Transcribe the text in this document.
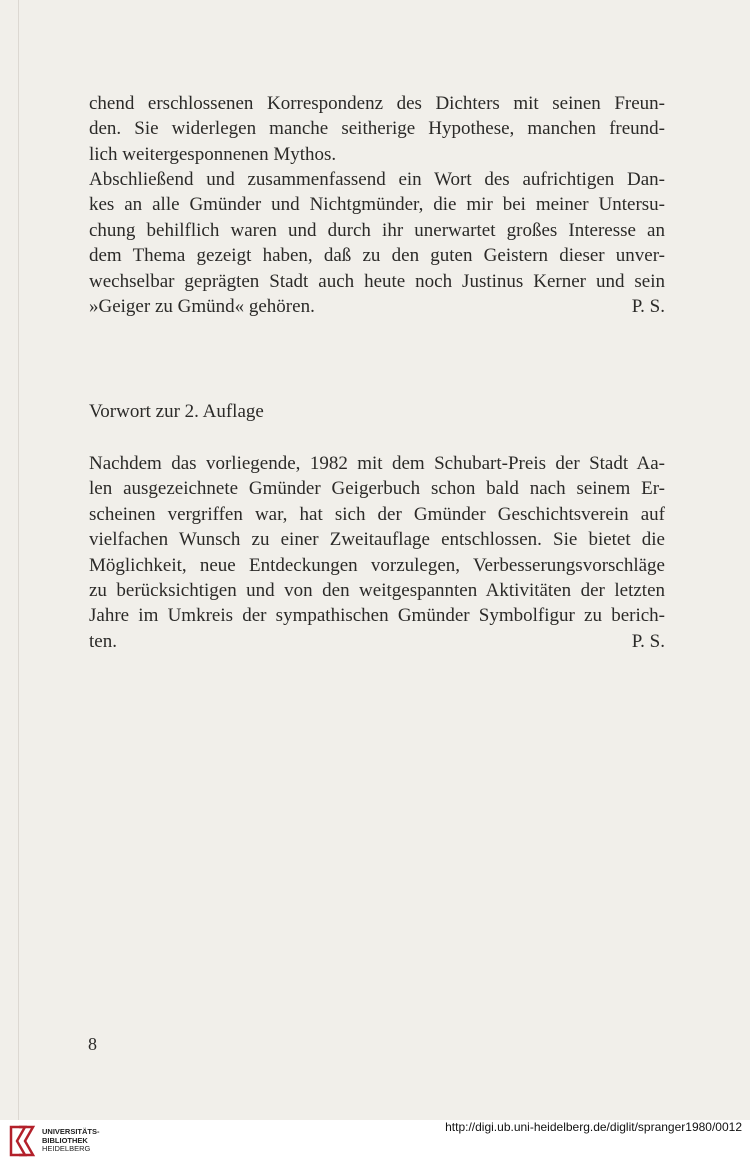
chend erschlossenen Korrespondenz des Dichters mit seinen Freun-
den. Sie widerlegen manche seitherige Hypothese, manchen freund-
lich weitergesponnenen Mythos.
Abschließend und zusammenfassend ein Wort des aufrichtigen Dan-
kes an alle Gmünder und Nichtgmünder, die mir bei meiner Untersu-
chung behilflich waren und durch ihr unerwartet großes Interesse an
dem Thema gezeigt haben, daß zu den guten Geistern dieser unver-
wechselbar geprägten Stadt auch heute noch Justinus Kerner und sein
»Geiger zu Gmünd« gehören.	P. S.
Vorwort zur 2. Auflage
Nachdem das vorliegende, 1982 mit dem Schubart-Preis der Stadt Aa-
len ausgezeichnete Gmünder Geigerbuch schon bald nach seinem Er-
scheinen vergriffen war, hat sich der Gmünder Geschichtsverein auf
vielfachen Wunsch zu einer Zweitauflage entschlossen. Sie bietet die
Möglichkeit, neue Entdeckungen vorzulegen, Verbesserungsvorschläge
zu berücksichtigen und von den weitgespannten Aktivitäten der letzten
Jahre im Umkreis der sympathischen Gmünder Symbolfigur zu berich-
ten.	P. S.
8
UNIVERSITÄTS-
BIBLIOTHEK
HEIDELBERG
http://digi.ub.uni-heidelberg.de/diglit/spranger1980/0012
